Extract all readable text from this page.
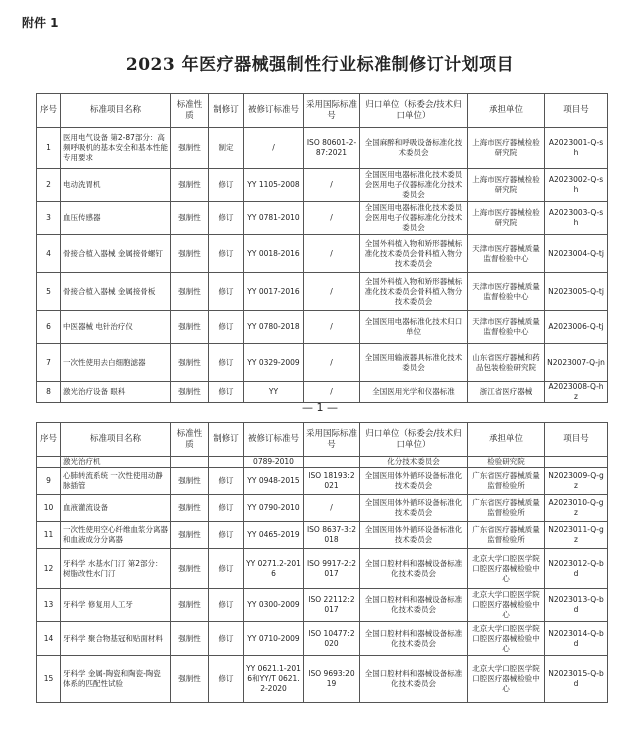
附件 1
2023 年医疗器械强制性行业标准制修订计划项目
序号	标准项目名称	标准性质	制修订	被修订标准号	采用国际标准号	归口单位（标委会/技术归口单位）	承担单位	项目号
1	医用电气设备 第2-87部分：高频呼吸机的基本安全和基本性能专用要求	强制性	制定	/	ISO 80601-2-87:2021	全国麻醉和呼吸设备标准化技术委员会	上海市医疗器械检验研究院	A2023001-Q-sh
2	电动洗胃机	强制性	修订	YY 1105-2008	/	全国医用电器标准化技术委员会医用电子仪器标准化分技术委员会	上海市医疗器械检验研究院	A2023002-Q-sh
3	血压传感器	强制性	修订	YY 0781-2010	/	全国医用电器标准化技术委员会医用电子仪器标准化分技术委员会	上海市医疗器械检验研究院	A2023003-Q-sh
4	骨接合植入器械 金属接骨螺钉	强制性	修订	YY 0018-2016	/	全国外科植入物和矫形器械标准化技术委员会骨科植入物分技术委员会	天津市医疗器械质量监督检验中心	N2023004-Q-tj
5	骨接合植入器械 金属接骨板	强制性	修订	YY 0017-2016	/	全国外科植入物和矫形器械标准化技术委员会骨科植入物分技术委员会	天津市医疗器械质量监督检验中心	N2023005-Q-tj
6	中医器械 电针治疗仪	强制性	修订	YY 0780-2018	/	全国医用电器标准化技术归口单位	天津市医疗器械质量监督检验中心	A2023006-Q-tj
7	一次性使用去白细胞滤器	强制性	修订	YY 0329-2009	/	全国医用输液器具标准化技术委员会	山东省医疗器械和药品包装检验研究院	N2023007-Q-jn
8	激光治疗设备 眼科	强制性	修订	YY	/	全国医用光学和仪器标准	浙江省医疗器械	A2023008-Q-hz
— 1 —
序号	标准项目名称	标准性质	制修订	被修订标准号	采用国际标准号	归口单位（标委会/技术归口单位）	承担单位	项目号
	激光治疗机			0789-2010		化分技术委员会	检验研究院	
9	心肺转流系统 一次性使用动静脉插管	强制性	修订	YY 0948-2015	ISO 18193:2021	全国医用体外循环设备标准化技术委员会	广东省医疗器械质量监督检验所	N2023009-Q-gz
10	血液灌流设备	强制性	修订	YY 0790-2010	/	全国医用体外循环设备标准化技术委员会	广东省医疗器械质量监督检验所	A2023010-Q-gz
11	一次性使用空心纤维血浆分离器和血液成分分离器	强制性	修订	YY 0465-2019	ISO 8637-3:2018	全国医用体外循环设备标准化技术委员会	广东省医疗器械质量监督检验所	N2023011-Q-gz
12	牙科学 水基水门汀 第2部分：树脂改性水门汀	强制性	修订	YY 0271.2-2016	ISO 9917-2:2017	全国口腔材料和器械设备标准化技术委员会	北京大学口腔医学院口腔医疗器械检验中心	N2023012-Q-bd
13	牙科学 修复用人工牙	强制性	修订	YY 0300-2009	ISO 22112:2017	全国口腔材料和器械设备标准化技术委员会	北京大学口腔医学院口腔医疗器械检验中心	N2023013-Q-bd
14	牙科学 聚合物基冠和贴面材料	强制性	修订	YY 0710-2009	ISO 10477:2020	全国口腔材料和器械设备标准化技术委员会	北京大学口腔医学院口腔医疗器械检验中心	N2023014-Q-bd
15	牙科学 金属-陶瓷和陶瓷-陶瓷体系的匹配性试验	强制性	修订	YY 0621.1-2016和YY/T 0621.2-2020	ISO 9693:2019	全国口腔材料和器械设备标准化技术委员会	北京大学口腔医学院口腔医疗器械检验中心	N2023015-Q-bd
